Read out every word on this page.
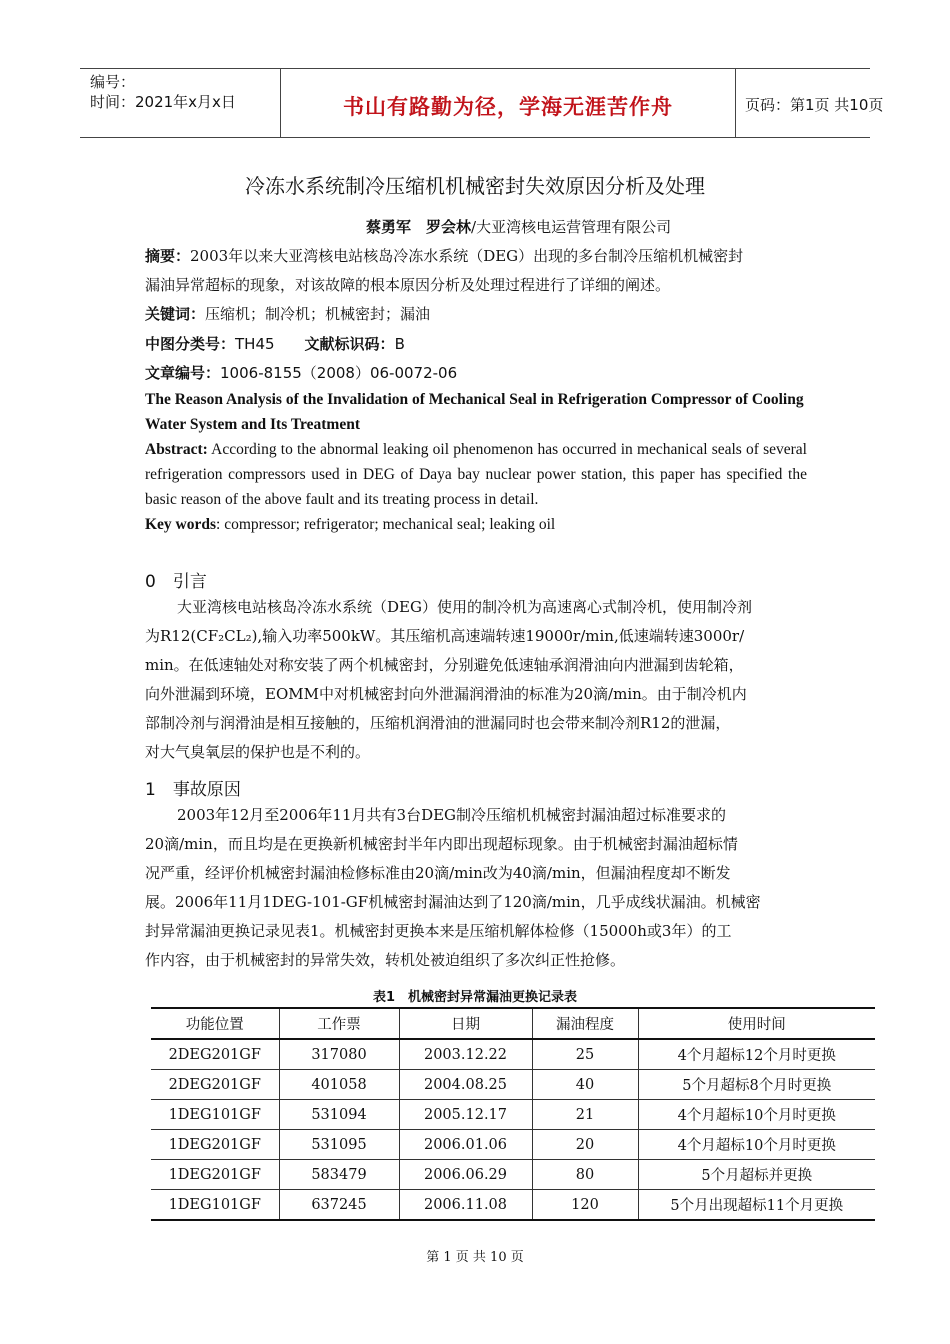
编号：
时间：2021年x月x日	书山有路勤为径，学海无涯苦作舟	页码：第1页 共10页
冷冻水系统制冷压缩机机械密封失效原因分析及处理
蔡勇军　罗会林/大亚湾核电运营管理有限公司
摘要：2003年以来大亚湾核电站核岛冷冻水系统（DEG）出现的多台制冷压缩机机械密封
漏油异常超标的现象，对该故障的根本原因分析及处理过程进行了详细的阐述。
关键词：压缩机；制冷机；机械密封；漏油
中图分类号：TH45 文献标识码：B
文章编号：1006-8155（2008）06-0072-06
The Reason Analysis of the Invalidation of Mechanical Seal in Refrigeration Compressor of Cooling Water System and Its Treatment
Abstract: According to the abnormal leaking oil phenomenon has occurred in mechanical seals of several refrigeration compressors used in DEG of Daya bay nuclear power station, this paper has specified the basic reason of the above fault and its treating process in detail.
Key words: compressor; refrigerator; mechanical seal; leaking oil
0　引言
大亚湾核电站核岛冷冻水系统（DEG）使用的制冷机为高速离心式制冷机，使用制冷剂
为R12(CF₂CL₂),输入功率500kW。其压缩机高速端转速19000r/min,低速端转速3000r/
min。在低速轴处对称安装了两个机械密封，分别避免低速轴承润滑油向内泄漏到齿轮箱，
向外泄漏到环境，EOMM中对机械密封向外泄漏润滑油的标准为20滴/min。由于制冷机内
部制冷剂与润滑油是相互接触的，压缩机润滑油的泄漏同时也会带来制冷剂R12的泄漏，
对大气臭氧层的保护也是不利的。
1　事故原因
2003年12月至2006年11月共有3台DEG制冷压缩机机械密封漏油超过标准要求的
20滴/min，而且均是在更换新机械密封半年内即出现超标现象。由于机械密封漏油超标情
况严重，经评价机械密封漏油检修标准由20滴/min改为40滴/min，但漏油程度却不断发
展。2006年11月1DEG-101-GF机械密封漏油达到了120滴/min，几乎成线状漏油。机械密
封异常漏油更换记录见表1。机械密封更换本来是压缩机解体检修（15000h或3年）的工
作内容，由于机械密封的异常失效，转机处被迫组织了多次纠正性抢修。
表1　机械密封异常漏油更换记录表
功能位置	工作票	日期	漏油程度	使用时间
2DEG201GF	317080	2003.12.22	25	4个月超标12个月时更换
2DEG201GF	401058	2004.08.25	40	5个月超标8个月时更换
1DEG101GF	531094	2005.12.17	21	4个月超标10个月时更换
1DEG201GF	531095	2006.01.06	20	4个月超标10个月时更换
1DEG201GF	583479	2006.06.29	80	5个月超标并更换
1DEG101GF	637245	2006.11.08	120	5个月出现超标11个月更换
第 1 页 共 10 页
